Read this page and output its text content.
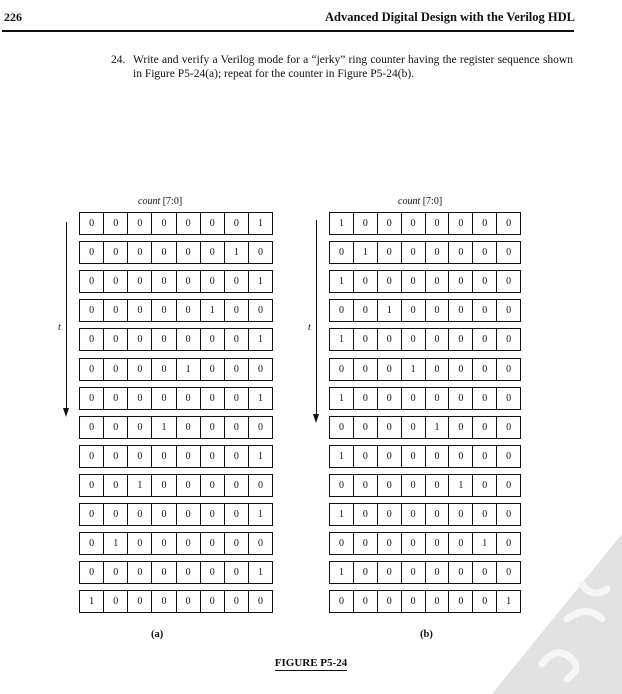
226	Advanced Digital Design with the Verilog HDL
24. Write and verify a Verilog mode for a “jerky” ring counter having the register sequence shown in Figure P5-24(a); repeat for the counter in Figure P5-24(b).
count [7:0]
t
0	0	0	0	0	0	0	1
0	0	0	0	0	0	1	0
0	0	0	0	0	0	0	1
0	0	0	0	0	1	0	0
0	0	0	0	0	0	0	1
0	0	0	0	1	0	0	0
0	0	0	0	0	0	0	1
0	0	0	1	0	0	0	0
0	0	0	0	0	0	0	1
0	0	1	0	0	0	0	0
0	0	0	0	0	0	0	1
0	1	0	0	0	0	0	0
0	0	0	0	0	0	0	1
1	0	0	0	0	0	0	0
(a)
count [7:0]
t
1	0	0	0	0	0	0	0
0	1	0	0	0	0	0	0
1	0	0	0	0	0	0	0
0	0	1	0	0	0	0	0
1	0	0	0	0	0	0	0
0	0	0	1	0	0	0	0
1	0	0	0	0	0	0	0
0	0	0	0	1	0	0	0
1	0	0	0	0	0	0	0
0	0	0	0	0	1	0	0
1	0	0	0	0	0	0	0
0	0	0	0	0	0	1	0
1	0	0	0	0	0	0	0
0	0	0	0	0	0	0	1
(b)
FIGURE P5-24
